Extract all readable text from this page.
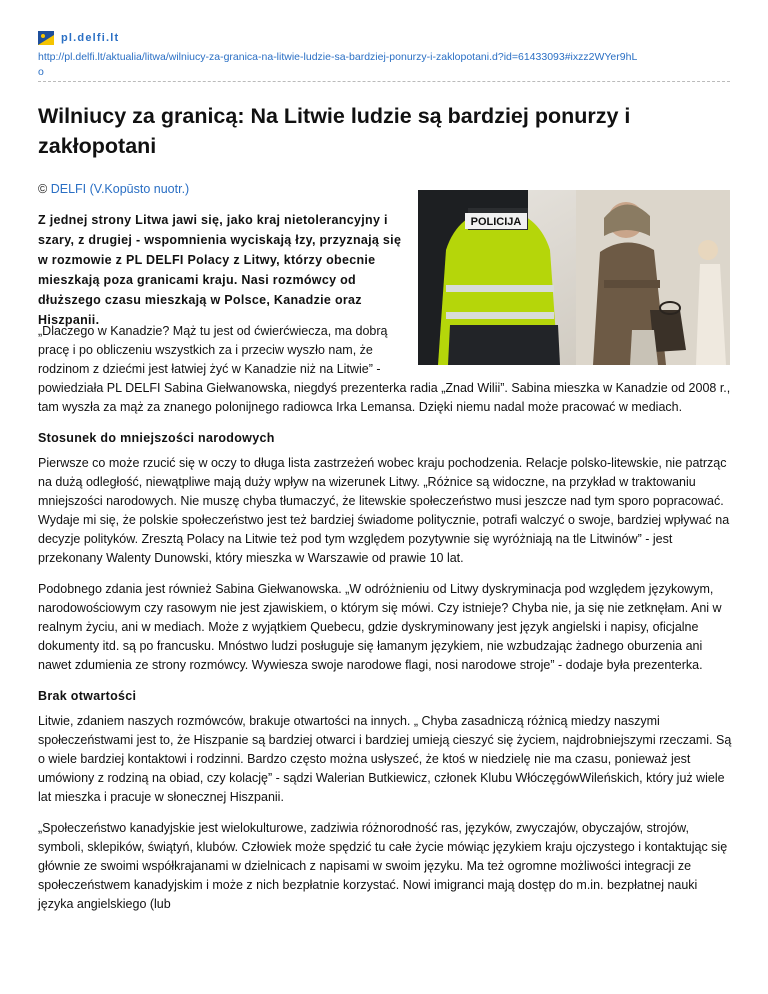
pl.delfi.lt
http://pl.delfi.lt/aktualia/litwa/wilniucy-za-granica-na-litwie-ludzie-sa-bardziej-ponurzy-i-zaklopotani.d?id=61433093#ixzz2WYer9hLo
Wilniucy za granicą: Na Litwie ludzie są bardziej ponurzy i zakłopotani
© DELFI (V.Kopūsto nuotr.)
POLICIJA

Z jednej strony Litwa jawi się, jako kraj nietolerancyjny i szary, z drugiej - wspomnienia wyciskają łzy, przyznają się w rozmowie z PL DELFI Polacy z Litwy, którzy obecnie mieszkają poza granicami kraju. Nasi rozmówcy od dłuższego czasu mieszkają w Polsce, Kanadzie oraz Hiszpanii.

„Dlaczego w Kanadzie? Mąż tu jest od ćwierćwiecza, ma dobrą pracę i po obliczeniu wszystkich za i przeciw wyszło nam, że rodzinom z dziećmi jest łatwiej żyć w Kanadzie niż na Litwie” - powiedziała PL DELFI Sabina Giełwanowska, niegdyś prezenterka radia „Znad Wilii”. Sabina mieszka w Kanadzie od 2008 r., tam wyszła za mąż za znanego polonijnego radiowca Irka Lemansa. Dzięki niemu nadal może pracować w mediach.

Stosunek do mniejszości narodowych

Pierwsze co może rzucić się w oczy to długa lista zastrzeżeń wobec kraju pochodzenia. Relacje polsko-litewskie, nie patrząc na dużą odległość, niewątpliwe mają duży wpływ na wizerunek Litwy. „Różnice są widoczne, na przykład w traktowaniu mniejszości narodowych. Nie muszę chyba tłumaczyć, że litewskie społeczeństwo musi jeszcze nad tym sporo popracować. Wydaje mi się, że polskie społeczeństwo jest też bardziej świadome politycznie, potrafi walczyć o swoje, bardziej wpływać na decyzje polityków. Zresztą Polacy na Litwie też pod tym względem pozytywnie się wyróżniają na tle Litwinów” - jest przekonany Walenty Dunowski, który mieszka w Warszawie od prawie 10 lat.

Podobnego zdania jest również Sabina Giełwanowska. „W odróżnieniu od Litwy dyskryminacja pod względem językowym, narodowościowym czy rasowym nie jest zjawiskiem, o którym się mówi. Czy istnieje? Chyba nie, ja się nie zetknęłam. Ani w realnym życiu, ani w mediach. Może z wyjątkiem Quebecu, gdzie dyskryminowany jest język angielski i napisy, oficjalne dokumenty itd. są po francusku. Mnóstwo ludzi posługuje się łamanym językiem, nie wzbudzając żadnego oburzenia ani nawet zdumienia ze strony rozmówcy. Wywiesza swoje narodowe flagi, nosi narodowe stroje” - dodaje była prezenterka.

Brak otwartości

Litwie, zdaniem naszych rozmówców, brakuje otwartości na innych. „ Chyba zasadniczą różnicą miedzy naszymi społeczeństwami jest to, że Hiszpanie są bardziej otwarci i bardziej umieją cieszyć się życiem, najdrobniejszymi rzeczami. Są o wiele bardziej kontaktowi i rodzinni. Bardzo często można usłyszeć, że ktoś w niedzielę nie ma czasu, ponieważ jest umówiony z rodziną na obiad, czy kolację” - sądzi Walerian Butkiewicz, członek Klubu WłóczęgówWileńskich, który już wiele lat mieszka i pracuje w słonecznej Hiszpanii.

„Społeczeństwo kanadyjskie jest wielokulturowe, zadziwia różnorodność ras, języków, zwyczajów, obyczajów, strojów, symboli, sklepików, świątyń, klubów. Człowiek może spędzić tu całe życie mówiąc językiem kraju ojczystego i kontaktując się głównie ze swoimi współkrajanami w dzielnicach z napisami w swoim języku. Ma też ogromne możliwości integracji ze społeczeństwem kanadyjskim i może z nich bezpłatnie korzystać. Nowi imigranci mają dostęp do m.in. bezpłatnej nauki języka angielskiego (lub
